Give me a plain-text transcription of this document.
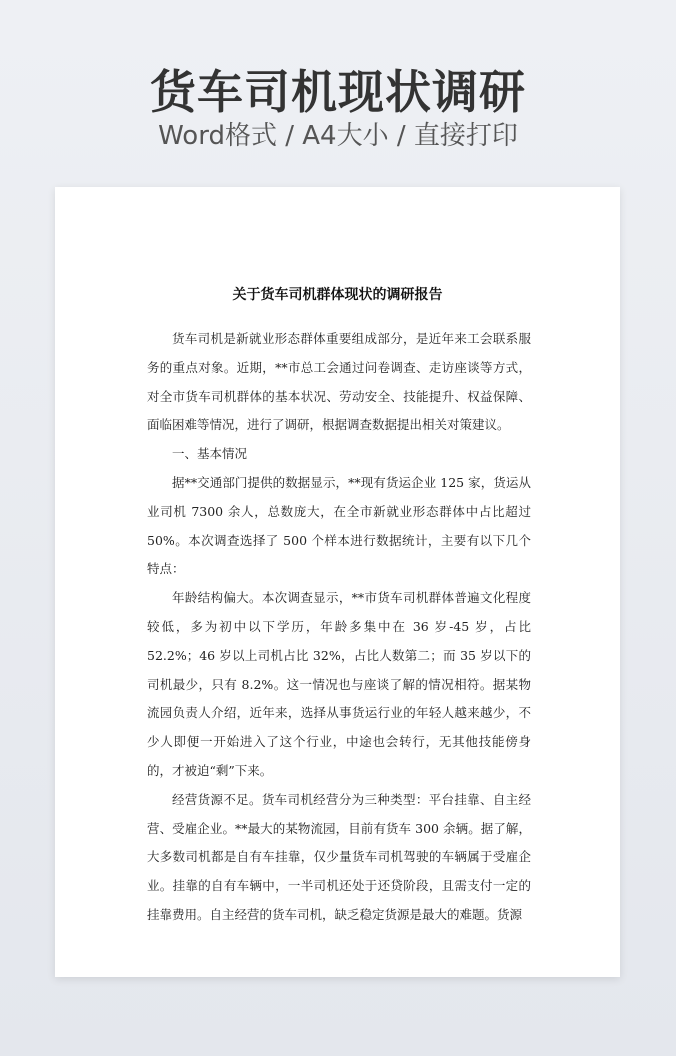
货车司机现状调研
Word格式 / A4大小 / 直接打印
关于货车司机群体现状的调研报告

货车司机是新就业形态群体重要组成部分，是近年来工会联系服务的重点对象。近期，**市总工会通过问卷调查、走访座谈等方式，对全市货车司机群体的基本状况、劳动安全、技能提升、权益保障、面临困难等情况，进行了调研，根据调查数据提出相关对策建议。

一、基本情况

据**交通部门提供的数据显示，**现有货运企业 125 家，货运从业司机 7300 余人，总数庞大，在全市新就业形态群体中占比超过 50%。本次调查选择了 500 个样本进行数据统计，主要有以下几个特点：

年龄结构偏大。本次调查显示，**市货车司机群体普遍文化程度较低，多为初中以下学历，年龄多集中在 36 岁-45 岁，占比 52.2%；46 岁以上司机占比 32%，占比人数第二；而 35 岁以下的司机最少，只有 8.2%。这一情况也与座谈了解的情况相符。据某物流园负责人介绍，近年来，选择从事货运行业的年轻人越来越少，不少人即便一开始进入了这个行业，中途也会转行，无其他技能傍身的，才被迫“剩”下来。

经营货源不足。货车司机经营分为三种类型：平台挂靠、自主经营、受雇企业。**最大的某物流园，目前有货车 300 余辆。据了解，大多数司机都是自有车挂靠，仅少量货车司机驾驶的车辆属于受雇企业。挂靠的自有车辆中，一半司机还处于还贷阶段，且需支付一定的挂靠费用。自主经营的货车司机，缺乏稳定货源是最大的难题。货源
